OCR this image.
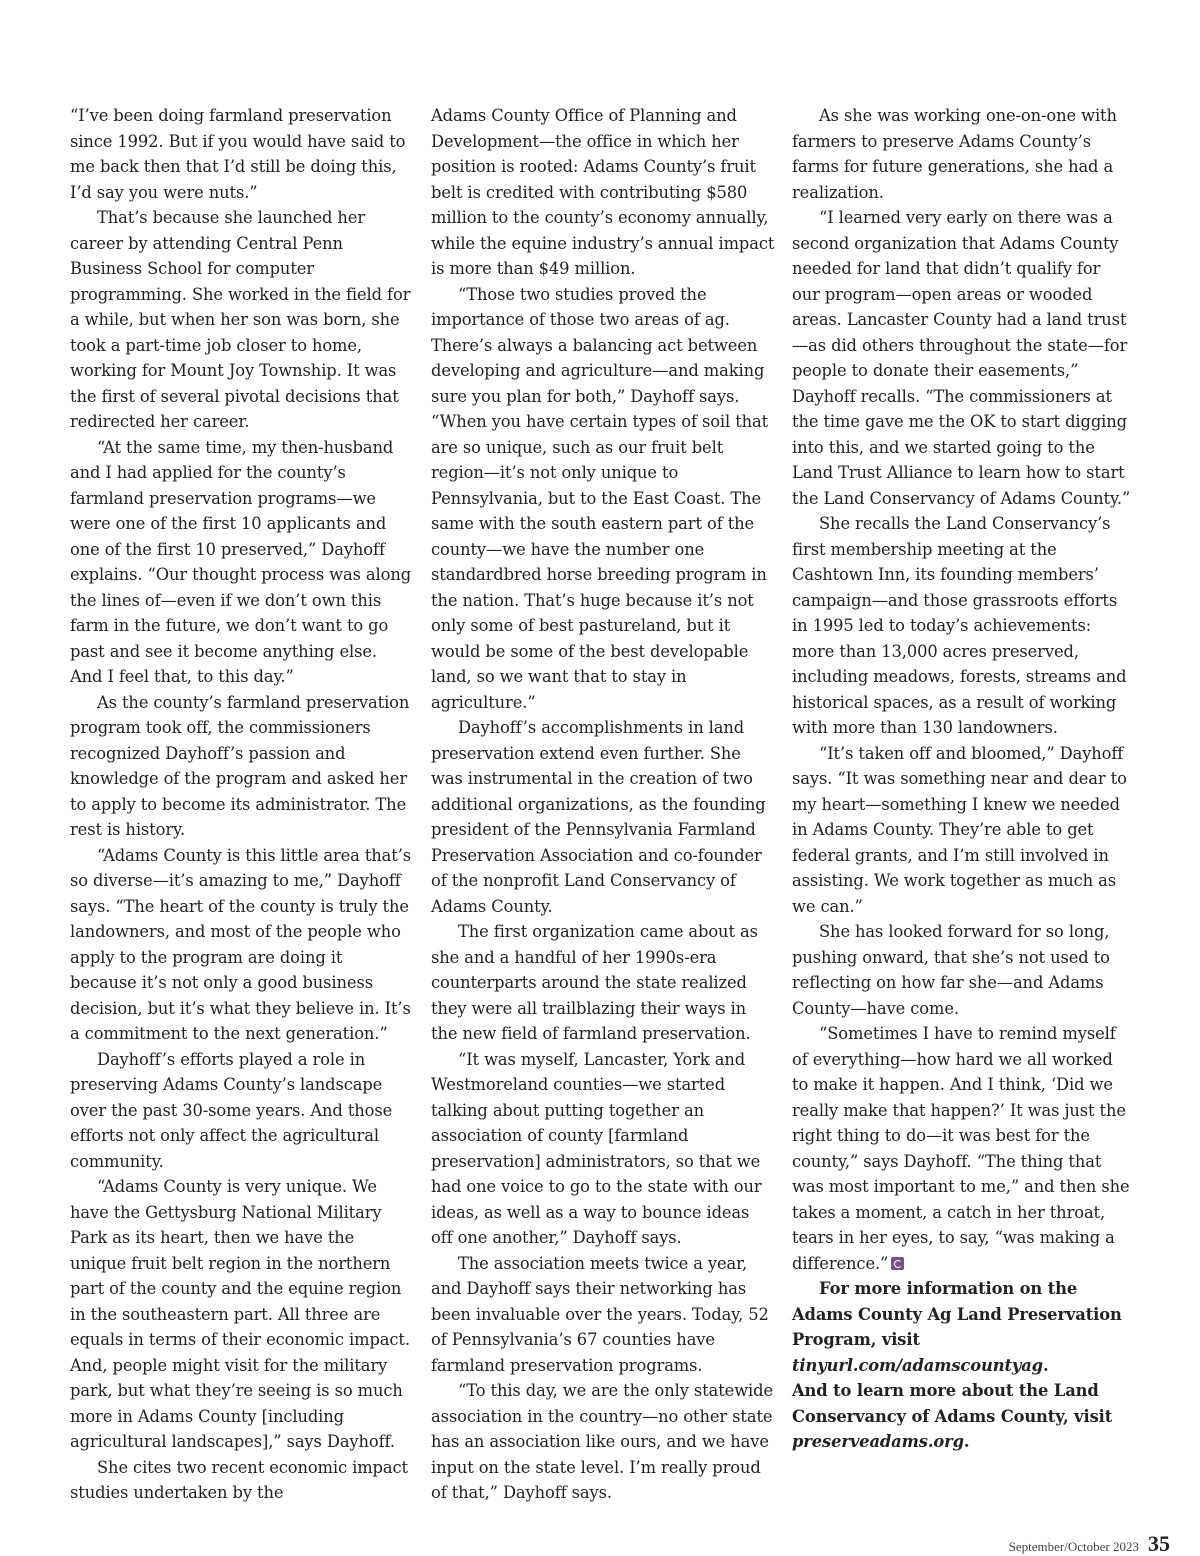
“I’ve been doing farmland preservation since 1992. But if you would have said to me back then that I’d still be doing this, I’d say you were nuts.”

That’s because she launched her career by attending Central Penn Business School for computer programming. She worked in the field for a while, but when her son was born, she took a part-time job closer to home, working for Mount Joy Township. It was the first of several pivotal decisions that redirected her career.

“At the same time, my then-husband and I had applied for the county’s farmland preservation programs—we were one of the first 10 applicants and one of the first 10 preserved,” Dayhoff explains. “Our thought process was along the lines of—even if we don’t own this farm in the future, we don’t want to go past and see it become anything else. And I feel that, to this day.”

As the county’s farmland preservation program took off, the commissioners recognized Dayhoff’s passion and knowledge of the program and asked her to apply to become its administrator. The rest is history.

“Adams County is this little area that’s so diverse—it’s amazing to me,” Dayhoff says. “The heart of the county is truly the landowners, and most of the people who apply to the program are doing it because it’s not only a good business decision, but it’s what they believe in. It’s a commitment to the next generation.”

Dayhoff’s efforts played a role in preserving Adams County’s landscape over the past 30-some years. And those efforts not only affect the agricultural community.

“Adams County is very unique. We have the Gettysburg National Military Park as its heart, then we have the unique fruit belt region in the northern part of the county and the equine region in the southeastern part. All three are equals in terms of their economic impact. And, people might visit for the military park, but what they’re seeing is so much more in Adams County [including agricultural landscapes],” says Dayhoff.

She cites two recent economic impact studies undertaken by the

Adams County Office of Planning and Development—the office in which her position is rooted: Adams County’s fruit belt is credited with contributing $580 million to the county’s economy annually, while the equine industry’s annual impact is more than $49 million.

“Those two studies proved the importance of those two areas of ag. There’s always a balancing act between developing and agriculture—and making sure you plan for both,” Dayhoff says. “When you have certain types of soil that are so unique, such as our fruit belt region—it’s not only unique to Pennsylvania, but to the East Coast. The same with the south eastern part of the county—we have the number one standardbred horse breeding program in the nation. That’s huge because it’s not only some of best pastureland, but it would be some of the best developable land, so we want that to stay in agriculture.”

Dayhoff’s accomplishments in land preservation extend even further. She was instrumental in the creation of two additional organizations, as the founding president of the Pennsylvania Farmland Preservation Association and co-founder of the nonprofit Land Conservancy of Adams County.

The first organization came about as she and a handful of her 1990s-era counterparts around the state realized they were all trailblazing their ways in the new field of farmland preservation.

“It was myself, Lancaster, York and Westmoreland counties—we started talking about putting together an association of county [farmland preservation] administrators, so that we had one voice to go to the state with our ideas, as well as a way to bounce ideas off one another,” Dayhoff says.

The association meets twice a year, and Dayhoff says their networking has been invaluable over the years. Today, 52 of Pennsylvania’s 67 counties have farmland preservation programs.

“To this day, we are the only statewide association in the country—no other state has an association like ours, and we have input on the state level. I’m really proud of that,” Dayhoff says.

As she was working one-on-one with farmers to preserve Adams County’s farms for future generations, she had a realization.

“I learned very early on there was a second organization that Adams County needed for land that didn’t qualify for our program—open areas or wooded areas. Lancaster County had a land trust—as did others throughout the state—for people to donate their easements,” Dayhoff recalls. “The commissioners at the time gave me the OK to start digging into this, and we started going to the Land Trust Alliance to learn how to start the Land Conservancy of Adams County.”

She recalls the Land Conservancy’s first membership meeting at the Cashtown Inn, its founding members’ campaign—and those grassroots efforts in 1995 led to today’s achievements: more than 13,000 acres preserved, including meadows, forests, streams and historical spaces, as a result of working with more than 130 landowners.

“It’s taken off and bloomed,” Dayhoff says. “It was something near and dear to my heart—something I knew we needed in Adams County. They’re able to get federal grants, and I’m still involved in assisting. We work together as much as we can.”

She has looked forward for so long, pushing onward, that she’s not used to reflecting on how far she—and Adams County—have come.

“Sometimes I have to remind myself of everything—how hard we all worked to make it happen. And I think, ‘Did we really make that happen?’ It was just the right thing to do—it was best for the county,” says Dayhoff. “The thing that was most important to me,” and then she takes a moment, a catch in her throat, tears in her eyes, to say, “was making a difference.”

For more information on the Adams County Ag Land Preservation Program, visit tinyurl.com/adamscountyag.

And to learn more about the Land Conservancy of Adams County, visit preserveadams.org.

September/October 2023 35
